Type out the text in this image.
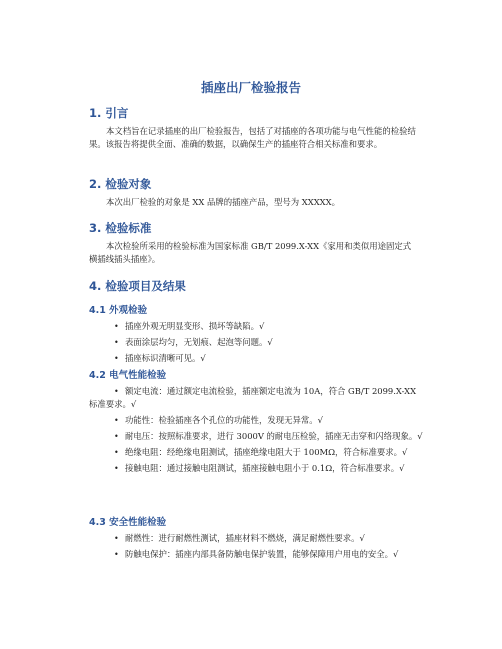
插座出厂检验报告
1. 引言

本文档旨在记录插座的出厂检验报告，包括了对插座的各项功能与电气性能的检验结果。该报告将提供全面、准确的数据，以确保生产的插座符合相关标准和要求。

2. 检验对象

本次出厂检验的对象是 XX 品牌的插座产品，型号为 XXXXX。

3. 检验标准

本次检验所采用的检验标准为国家标准 GB/T 2099.X-XX《家用和类似用途固定式横插线插头插座》。

4. 检验项目及结果
4.1 外观检验
• 插座外观无明显变形、损坏等缺陷。√
• 表面涂层均匀，无划痕、起泡等问题。√
• 插座标识清晰可见。√
4.2 电气性能检验
• 额定电流：通过额定电流检验，插座额定电流为 10A，符合 GB/T 2099.X-XX 标准要求。√
• 功能性：检验插座各个孔位的功能性，发现无异常。√
• 耐电压：按照标准要求，进行 3000V 的耐电压检验，插座无击穿和闪络现象。√
• 绝缘电阻：经绝缘电阻测试，插座绝缘电阻大于 100MΩ，符合标准要求。√
• 接触电阻：通过接触电阻测试，插座接触电阻小于 0.1Ω，符合标准要求。√
4.3 安全性能检验
• 耐燃性：进行耐燃性测试，插座材料不燃烧，满足耐燃性要求。√
• 防触电保护：插座内部具备防触电保护装置，能够保障用户用电的安全。√
